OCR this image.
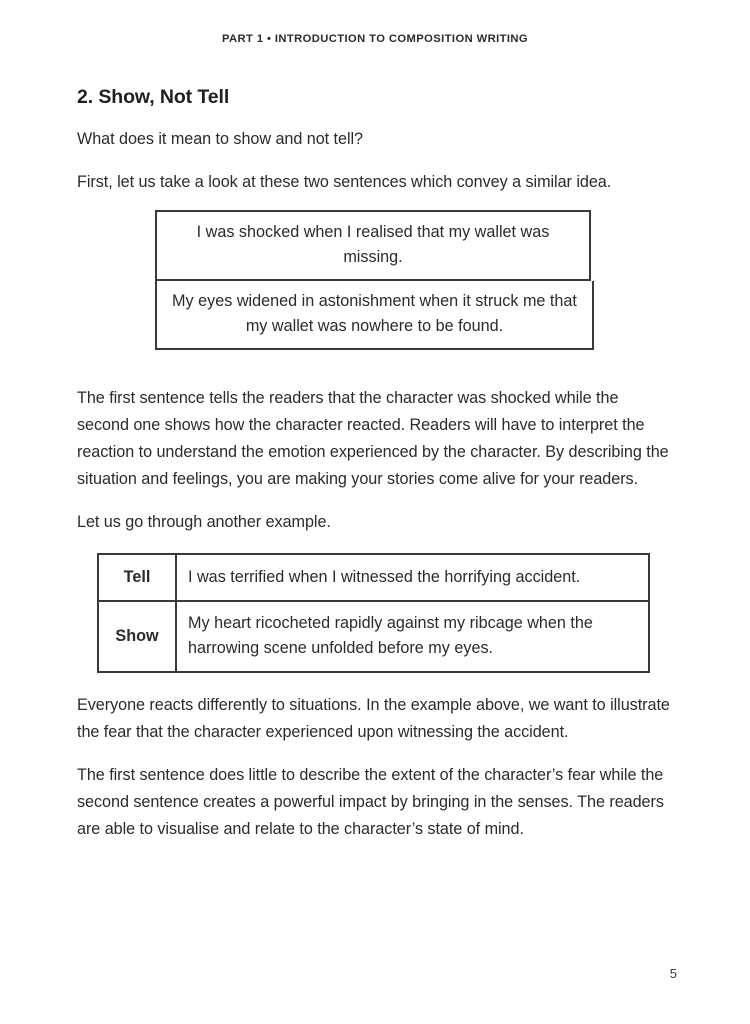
PART 1 • INTRODUCTION TO COMPOSITION WRITING
2. Show, Not Tell

What does it mean to show and not tell?

First, let us take a look at these two sentences which convey a similar idea.

I was shocked when I realised that my wallet was missing.
My eyes widened in astonishment when it struck me that my wallet was nowhere to be found.

The first sentence tells the readers that the character was shocked while the second one shows how the character reacted. Readers will have to interpret the reaction to understand the emotion experienced by the character. By describing the situation and feelings, you are making your stories come alive for your readers.

Let us go through another example.

Tell	I was terrified when I witnessed the horrifying accident.
Show	My heart ricocheted rapidly against my ribcage when the harrowing scene unfolded before my eyes.

Everyone reacts differently to situations. In the example above, we want to illustrate the fear that the character experienced upon witnessing the accident.

The first sentence does little to describe the extent of the character’s fear while the second sentence creates a powerful impact by bringing in the senses. The readers are able to visualise and relate to the character’s state of mind.

5
